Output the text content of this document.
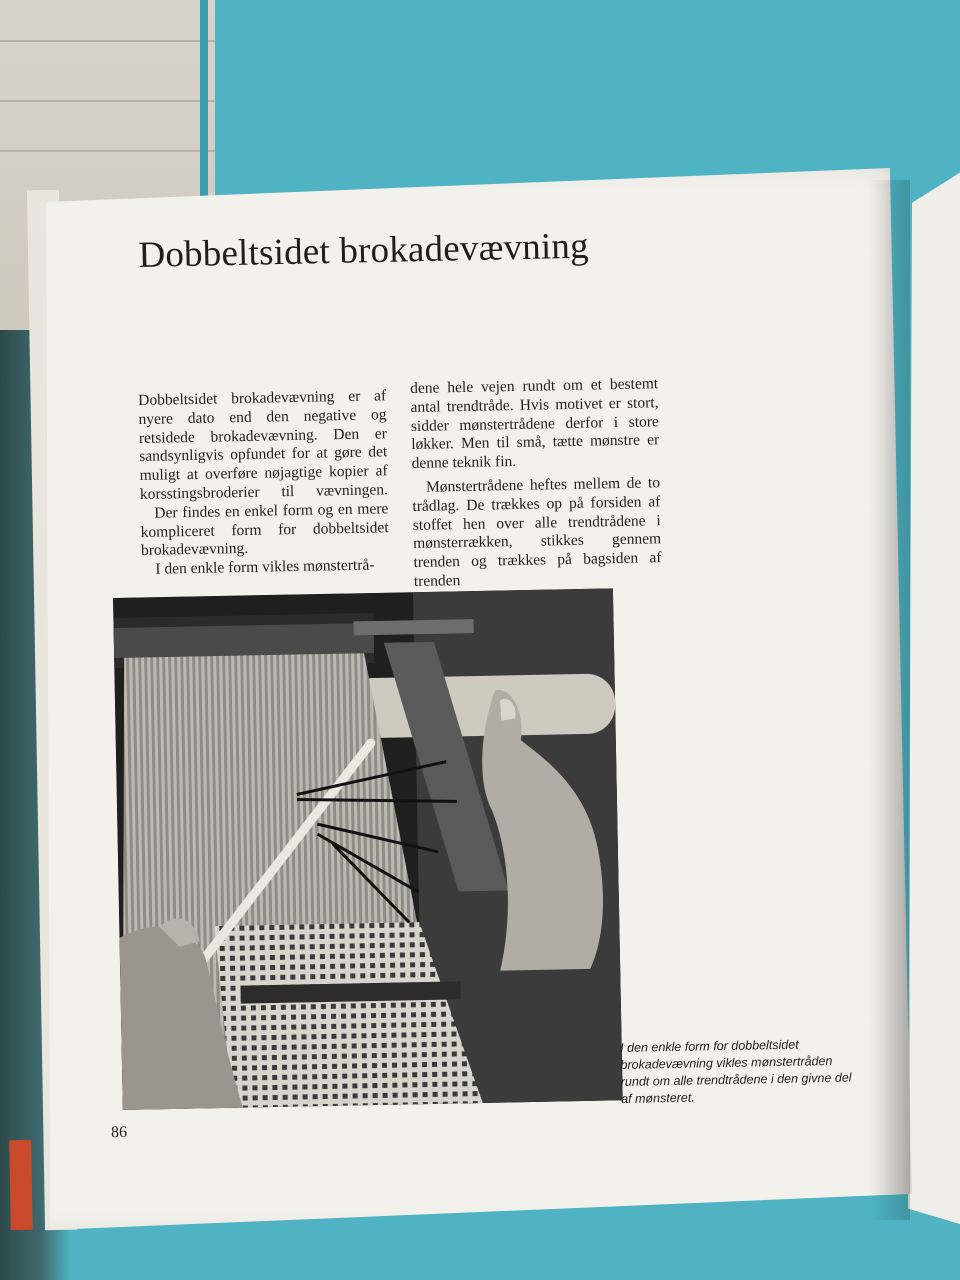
Dobbeltsidet brokadevævning

Dobbeltsidet brokadevævning er af nyere dato end den negative og retsidede brokadevævning. Den er sandsynligvis opfundet for at gøre det muligt at overføre nøjagtige kopier af korsstingsbroderier til vævningen.

Der findes en enkel form og en mere kompliceret form for dobbeltsidet brokadevævning.

I den enkle form vikles mønstertrå-

dene hele vejen rundt om et bestemt antal trendtråde. Hvis motivet er stort, sidder mønstertrådene derfor i store løkker. Men til små, tætte mønstre er denne teknik fin.

Mønstertrådene heftes mellem de to trådlag. De trækkes op på forsiden af stoffet hen over alle trendtrådene i mønsterrækken, stikkes gennem trenden og trækkes på bagsiden af trenden

I den enkle form for dobbeltsidet brokadevævning vikles mønstertråden rundt om alle trendtrådene i den givne del af mønsteret.

86
